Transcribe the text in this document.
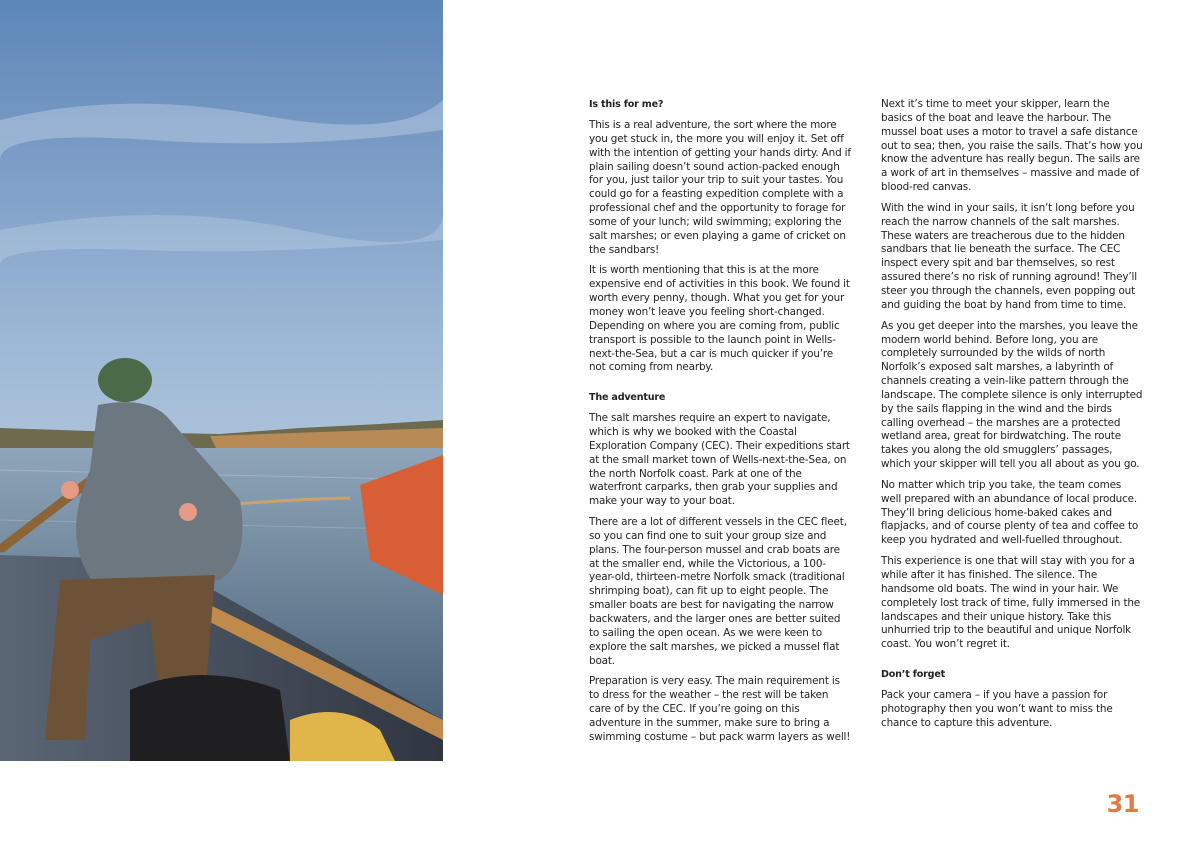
Is this for me?

This is a real adventure, the sort where the more you get stuck in, the more you will enjoy it. Set off with the intention of getting your hands dirty. And if plain sailing doesn’t sound action-packed enough for you, just tailor your trip to suit your tastes. You could go for a feasting expedition complete with a professional chef and the opportunity to forage for some of your lunch; wild swimming; exploring the salt marshes; or even playing a game of cricket on the sandbars!

It is worth mentioning that this is at the more expensive end of activities in this book. We found it worth every penny, though. What you get for your money won’t leave you feeling short-changed. Depending on where you are coming from, public transport is possible to the launch point in Wells-next-the-Sea, but a car is much quicker if you’re not coming from nearby.

The adventure

The salt marshes require an expert to navigate, which is why we booked with the Coastal Exploration Company (CEC). Their expeditions start at the small market town of Wells-next-the-Sea, on the north Norfolk coast. Park at one of the waterfront carparks, then grab your supplies and make your way to your boat.

There are a lot of different vessels in the CEC fleet, so you can find one to suit your group size and plans. The four-person mussel and crab boats are at the smaller end, while the Victorious, a 100-year-old, thirteen-metre Norfolk smack (traditional shrimping boat), can fit up to eight people. The smaller boats are best for navigating the narrow backwaters, and the larger ones are better suited to sailing the open ocean. As we were keen to explore the salt marshes, we picked a mussel flat boat.

Preparation is very easy. The main requirement is to dress for the weather – the rest will be taken care of by the CEC. If you’re going on this adventure in the summer, make sure to bring a swimming costume – but pack warm layers as well!

Next it’s time to meet your skipper, learn the basics of the boat and leave the harbour. The mussel boat uses a motor to travel a safe distance out to sea; then, you raise the sails. That’s how you know the adventure has really begun. The sails are a work of art in themselves – massive and made of blood-red canvas.

With the wind in your sails, it isn’t long before you reach the narrow channels of the salt marshes. These waters are treacherous due to the hidden sandbars that lie beneath the surface. The CEC inspect every spit and bar themselves, so rest assured there’s no risk of running aground! They’ll steer you through the channels, even popping out and guiding the boat by hand from time to time.

As you get deeper into the marshes, you leave the modern world behind. Before long, you are completely surrounded by the wilds of north Norfolk’s exposed salt marshes, a labyrinth of channels creating a vein-like pattern through the landscape. The complete silence is only interrupted by the sails flapping in the wind and the birds calling overhead – the marshes are a protected wetland area, great for birdwatching. The route takes you along the old smugglers’ passages, which your skipper will tell you all about as you go.

No matter which trip you take, the team comes well prepared with an abundance of local produce. They’ll bring delicious home-baked cakes and flapjacks, and of course plenty of tea and coffee to keep you hydrated and well-fuelled throughout.

This experience is one that will stay with you for a while after it has finished. The silence. The handsome old boats. The wind in your hair. We completely lost track of time, fully immersed in the landscapes and their unique history. Take this unhurried trip to the beautiful and unique Norfolk coast. You won’t regret it.

Don’t forget

Pack your camera – if you have a passion for photography then you won’t want to miss the chance to capture this adventure.

31
